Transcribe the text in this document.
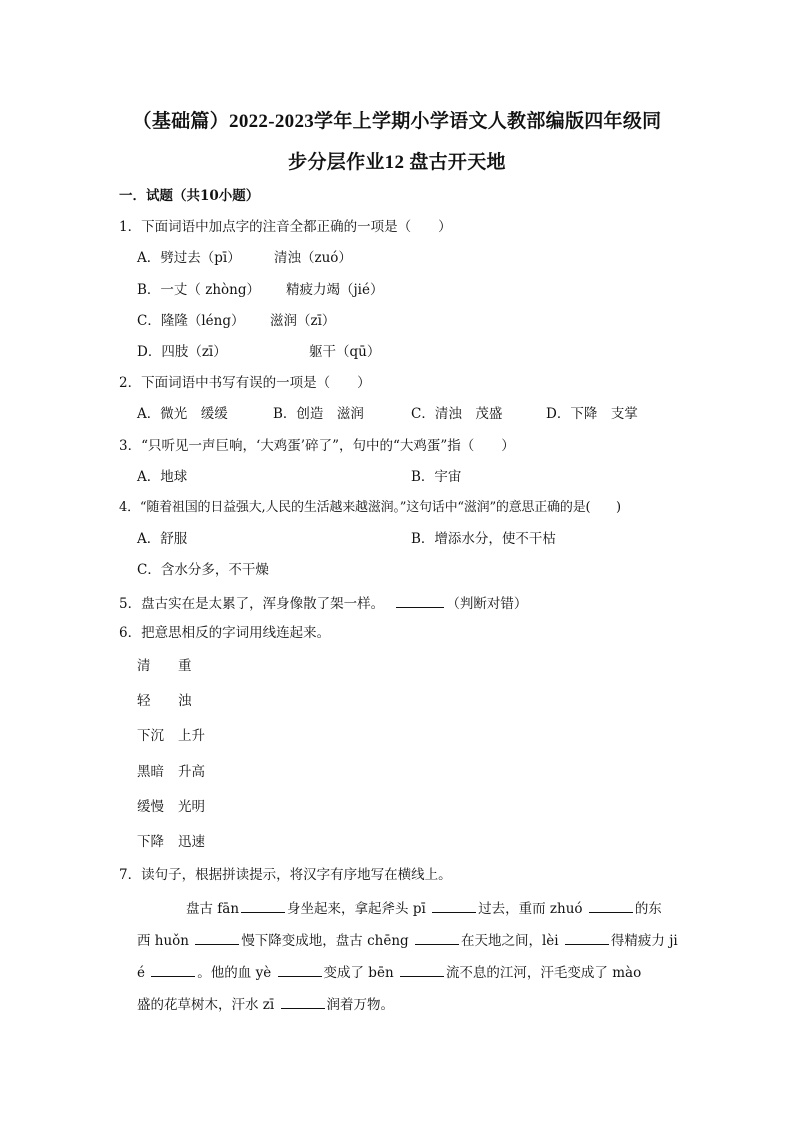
（基础篇）2022-2023学年上学期小学语文人教部编版四年级同
步分层作业12 盘古开天地
一．试题（共10小题）
1．下面词语中加点字的注音全都正确的一项是（　　）
A．劈过去（pī） 清浊（zuó）
B．一丈（ zhòng） 精疲力竭（jié）
C．隆隆（léng） 滋润（zī）
D．四肢（zī）	躯干（qū）
2．下面词语中书写有误的一项是（　　）
A．微光　缓缓	B．创造　滋润	C．清浊　茂盛	D．下降　支掌
3．“只听见一声巨响，‘大鸡蛋’碎了”，句中的“大鸡蛋”指（　　）
A．地球	B．宇宙
4．“随着祖国的日益强大,人民的生活越来越滋润。”这句话中“滋润”的意思正确的是(　　)
A．舒服	B．增添水分，使不干枯
C．含水分多，不干燥
5．盘古实在是太累了，浑身像散了架一样。	（判断对错）
6．把意思相反的字词用线连起来。
清 重
轻 浊
下沉 上升
黑暗 升高
缓慢 光明
下降 迅速
7．读句子，根据拼读提示，将汉字有序地写在横线上。
盘古 fān	身坐起来，拿起斧头 pī	过去，重而 zhuó	的东
西 huǒn	慢下降变成地，盘古 chēng	在天地之间，lèi	得精疲力 ji
é	。他的血 yè	变成了 bēn	流不息的江河，汗毛变成了 mào
盛的花草树木，汗水 zī	润着万物。
